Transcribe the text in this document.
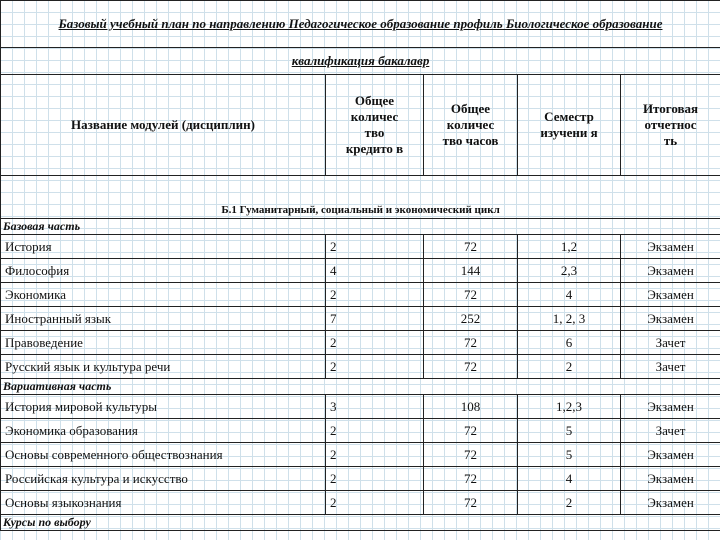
Базовый учебный план по направлению Педагогическое образование профиль Биологическое образование				
квалификация бакалавр				
Название модулей (дисциплин)	Общее количес тво кредито в	Общее количес тво часов	Семестр изучени я	Итоговая отчетнос ть
Б.1 Гуманитарный, социальный и экономический цикл				
Базовая часть				
История	2	72	1,2	Экзамен
Философия	4	144	2,3	Экзамен
Экономика	2	72	4	Экзамен
Иностранный язык	7	252	1, 2, 3	Экзамен
Правоведение	2	72	6	Зачет
Русский язык и культура речи	2	72	2	Зачет
Вариативная часть				
История мировой культуры	3	108	1,2,3	Экзамен
Экономика образования	2	72	5	Зачет
Основы современного обществознания	2	72	5	Экзамен
Российская культура и искусство	2	72	4	Экзамен
Основы языкознания	2	72	2	Экзамен
Курсы по выбору				
